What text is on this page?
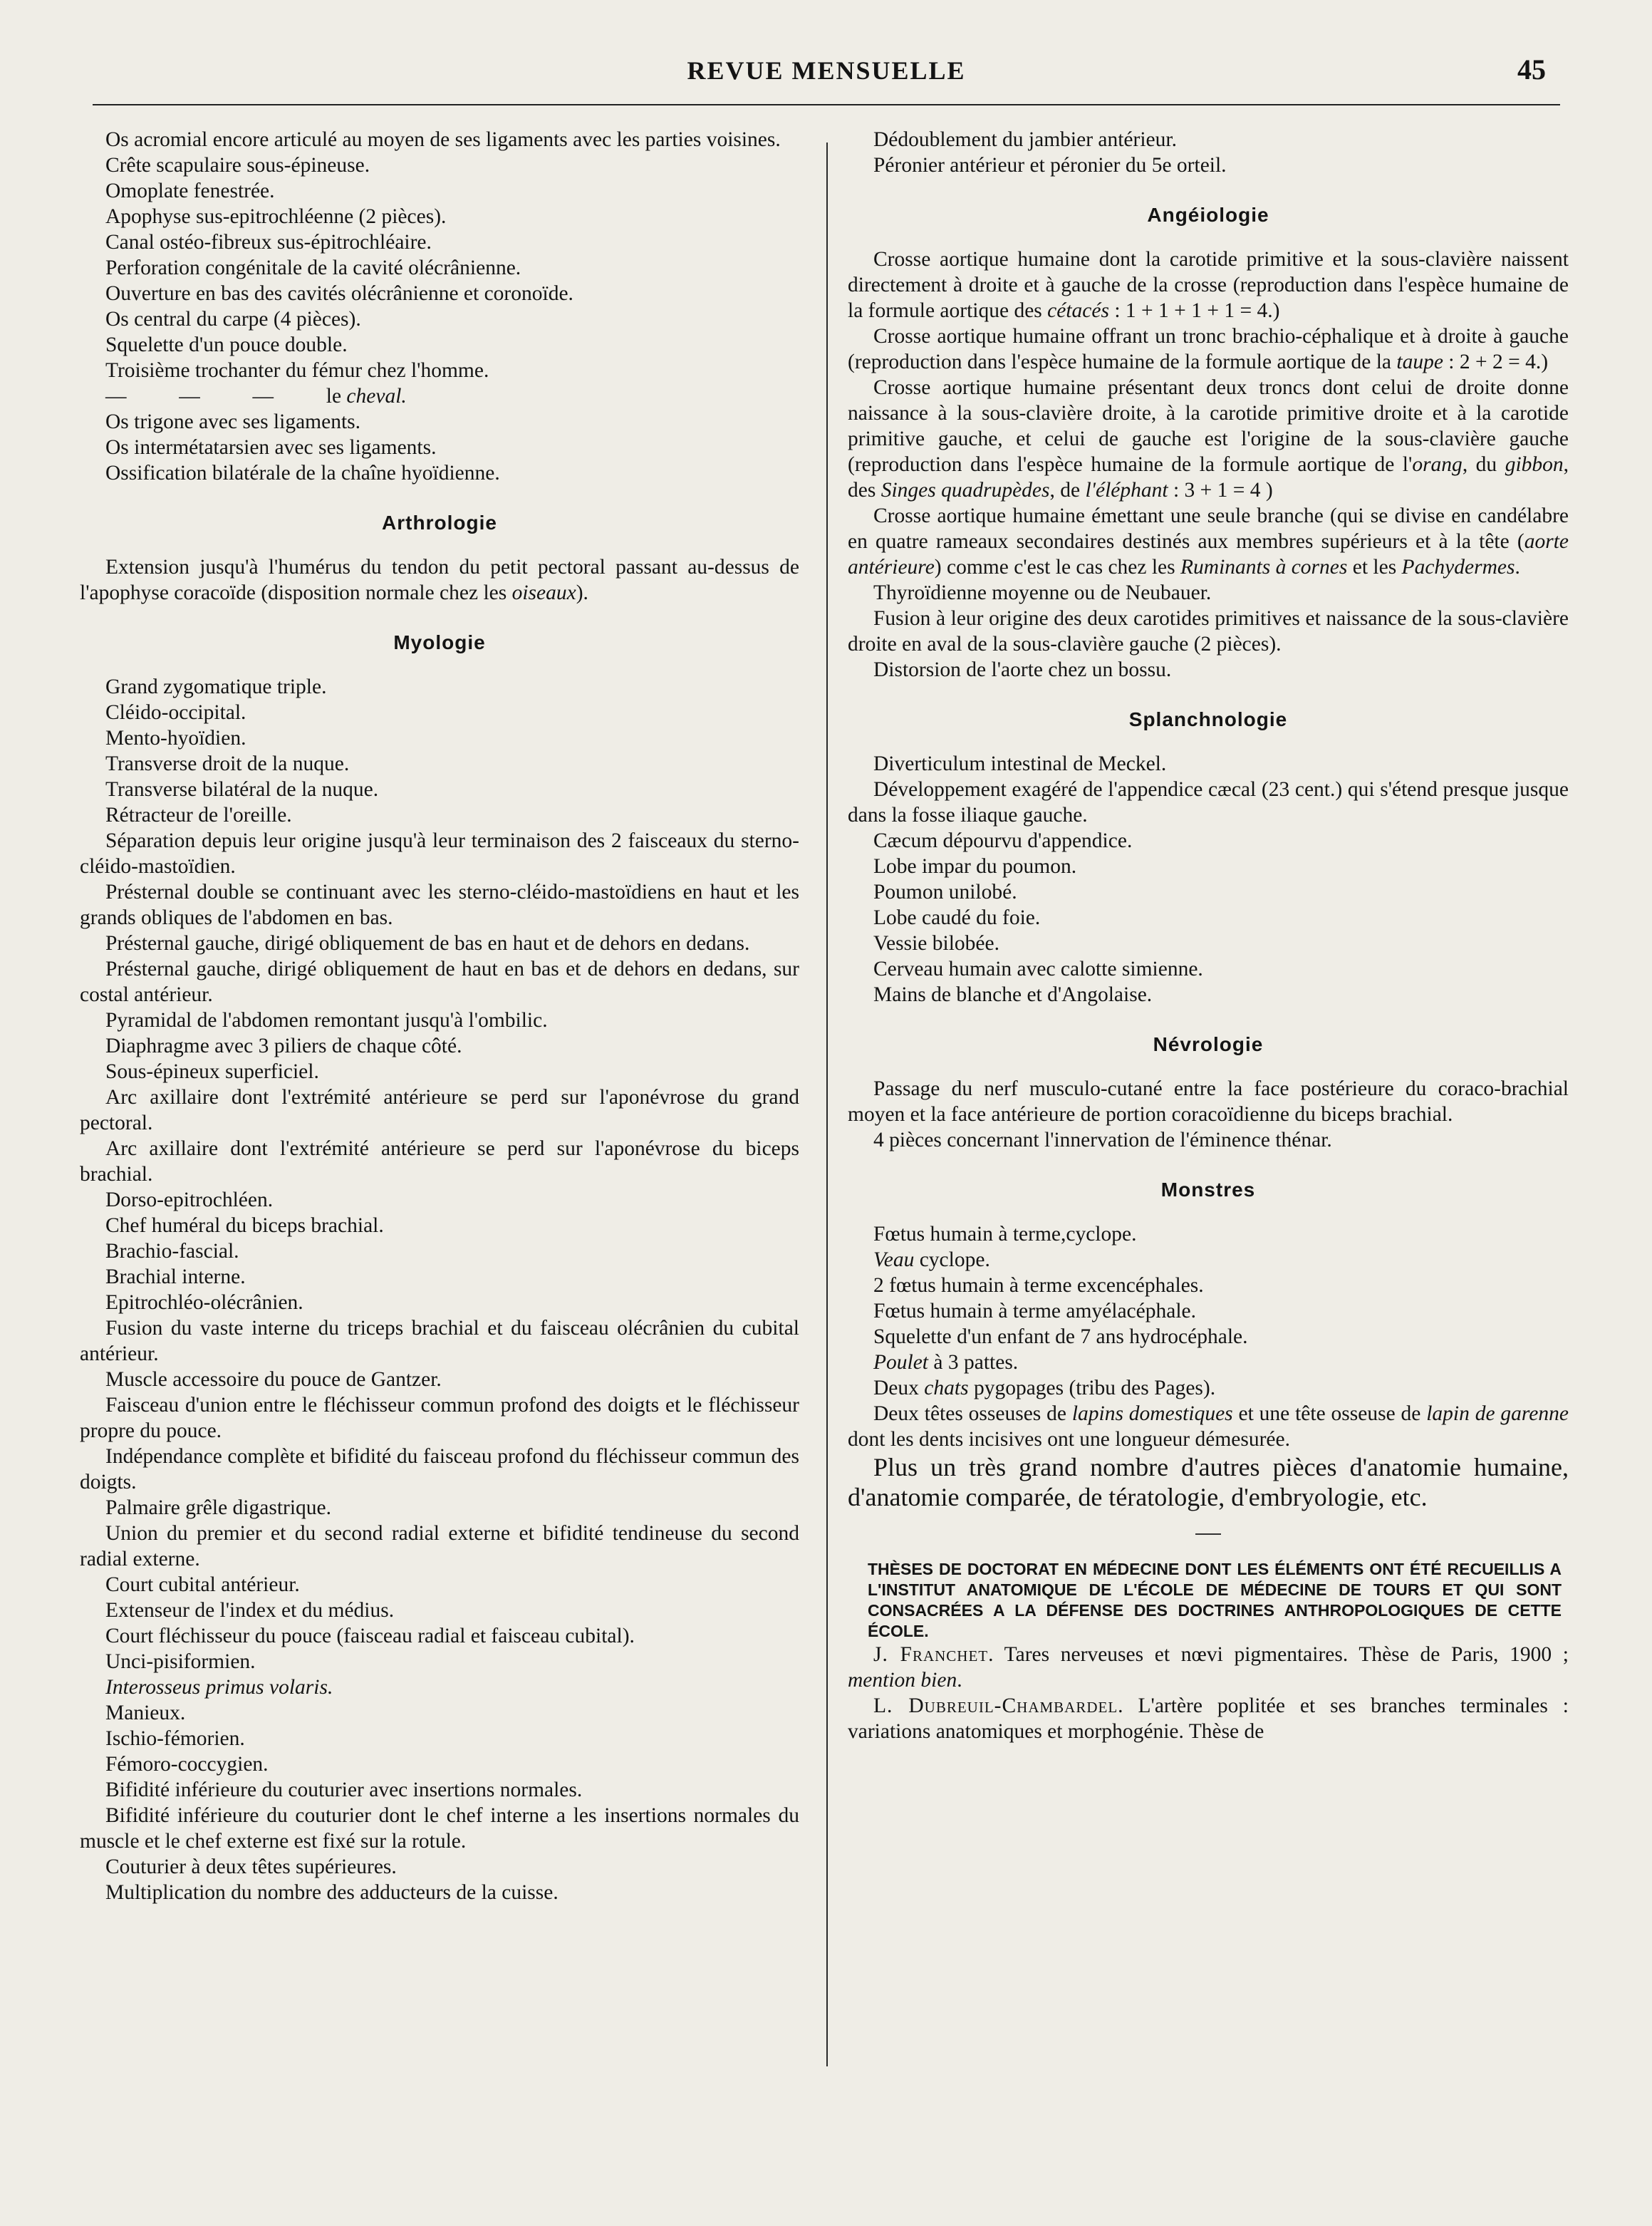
REVUE MENSUELLE	45

Os acromial encore articulé au moyen de ses ligaments avec les parties voisines.

Crête scapulaire sous-épineuse.

Omoplate fenestrée.

Apophyse sus-epitrochléenne (2 pièces).

Canal ostéo-fibreux sus-épitrochléaire.

Perforation congénitale de la cavité olécrânienne.

Ouverture en bas des cavités olécrânienne et coronoïde.

Os central du carpe (4 pièces).

Squelette d'un pouce double.

Troisième trochanter du fémur chez l'homme.

—          —          —          le cheval.

Os trigone avec ses ligaments.

Os intermétatarsien avec ses ligaments.

Ossification bilatérale de la chaîne hyoïdienne.

Arthrologie

Extension jusqu'à l'humérus du tendon du petit pectoral passant au-dessus de l'apophyse coracoïde (disposition normale chez les oiseaux).

Myologie

Grand zygomatique triple.

Cléido-occipital.

Mento-hyoïdien.

Transverse droit de la nuque.

Transverse bilatéral de la nuque.

Rétracteur de l'oreille.

Séparation depuis leur origine jusqu'à leur terminaison des 2 faisceaux du sterno-cléido-mastoïdien.

Présternal double se continuant avec les sterno-cléido-mastoïdiens en haut et les grands obliques de l'abdomen en bas.

Présternal gauche, dirigé obliquement de bas en haut et de dehors en dedans.

Présternal gauche, dirigé obliquement de haut en bas et de dehors en dedans, sur costal antérieur.

Pyramidal de l'abdomen remontant jusqu'à l'ombilic.

Diaphragme avec 3 piliers de chaque côté.

Sous-épineux superficiel.

Arc axillaire dont l'extrémité antérieure se perd sur l'aponévrose du grand pectoral.

Arc axillaire dont l'extrémité antérieure se perd sur l'aponévrose du biceps brachial.

Dorso-epitrochléen.

Chef huméral du biceps brachial.

Brachio-fascial.

Brachial interne.

Epitrochléo-olécrânien.

Fusion du vaste interne du triceps brachial et du faisceau olécrânien du cubital antérieur.

Muscle accessoire du pouce de Gantzer.

Faisceau d'union entre le fléchisseur commun profond des doigts et le fléchisseur propre du pouce.

Indépendance complète et bifidité du faisceau profond du fléchisseur commun des doigts.

Palmaire grêle digastrique.

Union du premier et du second radial externe et bifidité tendineuse du second radial externe.

Court cubital antérieur.

Extenseur de l'index et du médius.

Court fléchisseur du pouce (faisceau radial et faisceau cubital).

Unci-pisiformien.

Interosseus primus volaris.

Manieux.

Ischio-fémorien.

Fémoro-coccygien.

Bifidité inférieure du couturier avec insertions normales.

Bifidité inférieure du couturier dont le chef interne a les insertions normales du muscle et le chef externe est fixé sur la rotule.

Couturier à deux têtes supérieures.

Multiplication du nombre des adducteurs de la cuisse.

Dédoublement du jambier antérieur.

Péronier antérieur et péronier du 5e orteil.

Angéiologie

Crosse aortique humaine dont la carotide primitive et la sous-clavière naissent directement à droite et à gauche de la crosse (reproduction dans l'espèce humaine de la formule aortique des cétacés : 1 + 1 + 1 + 1 = 4.)

Crosse aortique humaine offrant un tronc brachio-céphalique et à droite à gauche (reproduction dans l'espèce humaine de la formule aortique de la taupe : 2 + 2 = 4.)

Crosse aortique humaine présentant deux troncs dont celui de droite donne naissance à la sous-clavière droite, à la carotide primitive droite et à la carotide primitive gauche, et celui de gauche est l'origine de la sous-clavière gauche (reproduction dans l'espèce humaine de la formule aortique de l'orang, du gibbon, des Singes quadrupèdes, de l'éléphant : 3 + 1 = 4 )

Crosse aortique humaine émettant une seule branche (qui se divise en candélabre en quatre rameaux secondaires destinés aux membres supérieurs et à la tête (aorte antérieure) comme c'est le cas chez les Ruminants à cornes et les Pachydermes.

Thyroïdienne moyenne ou de Neubauer.

Fusion à leur origine des deux carotides primitives et naissance de la sous-clavière droite en aval de la sous-clavière gauche (2 pièces).

Distorsion de l'aorte chez un bossu.

Splanchnologie

Diverticulum intestinal de Meckel.

Développement exagéré de l'appendice cæcal (23 cent.) qui s'étend presque jusque dans la fosse iliaque gauche.

Cæcum dépourvu d'appendice.

Lobe impar du poumon.

Poumon unilobé.

Lobe caudé du foie.

Vessie bilobée.

Cerveau humain avec calotte simienne.

Mains de blanche et d'Angolaise.

Névrologie

Passage du nerf musculo-cutané entre la face postérieure du coraco-brachial moyen et la face antérieure de portion coracoïdienne du biceps brachial.

4 pièces concernant l'innervation de l'éminence thénar.

Monstres

Fœtus humain à terme,cyclope.

Veau cyclope.

2 fœtus humain à terme excencéphales.

Fœtus humain à terme amyélacéphale.

Squelette d'un enfant de 7 ans hydrocéphale.

Poulet à 3 pattes.

Deux chats pygopages (tribu des Pages).

Deux têtes osseuses de lapins domestiques et une tête osseuse de lapin de garenne dont les dents incisives ont une longueur démesurée.

Plus un très grand nombre d'autres pièces d'anatomie humaine, d'anatomie comparée, de tératologie, d'embryologie, etc.

THÈSES DE DOCTORAT EN MÉDECINE DONT LES ÉLÉMENTS ONT ÉTÉ RECUEILLIS A L'INSTITUT ANATOMIQUE DE L'ÉCOLE DE MÉDECINE DE TOURS ET QUI SONT CONSACRÉES A LA DÉFENSE DES DOCTRINES ANTHROPOLOGIQUES DE CETTE ÉCOLE.

J. Franchet. Tares nerveuses et nœvi pigmentaires. Thèse de Paris, 1900 ; mention bien.

L. Dubreuil-Chambardel. L'artère poplitée et ses branches terminales : variations anatomiques et morphogénie. Thèse de
